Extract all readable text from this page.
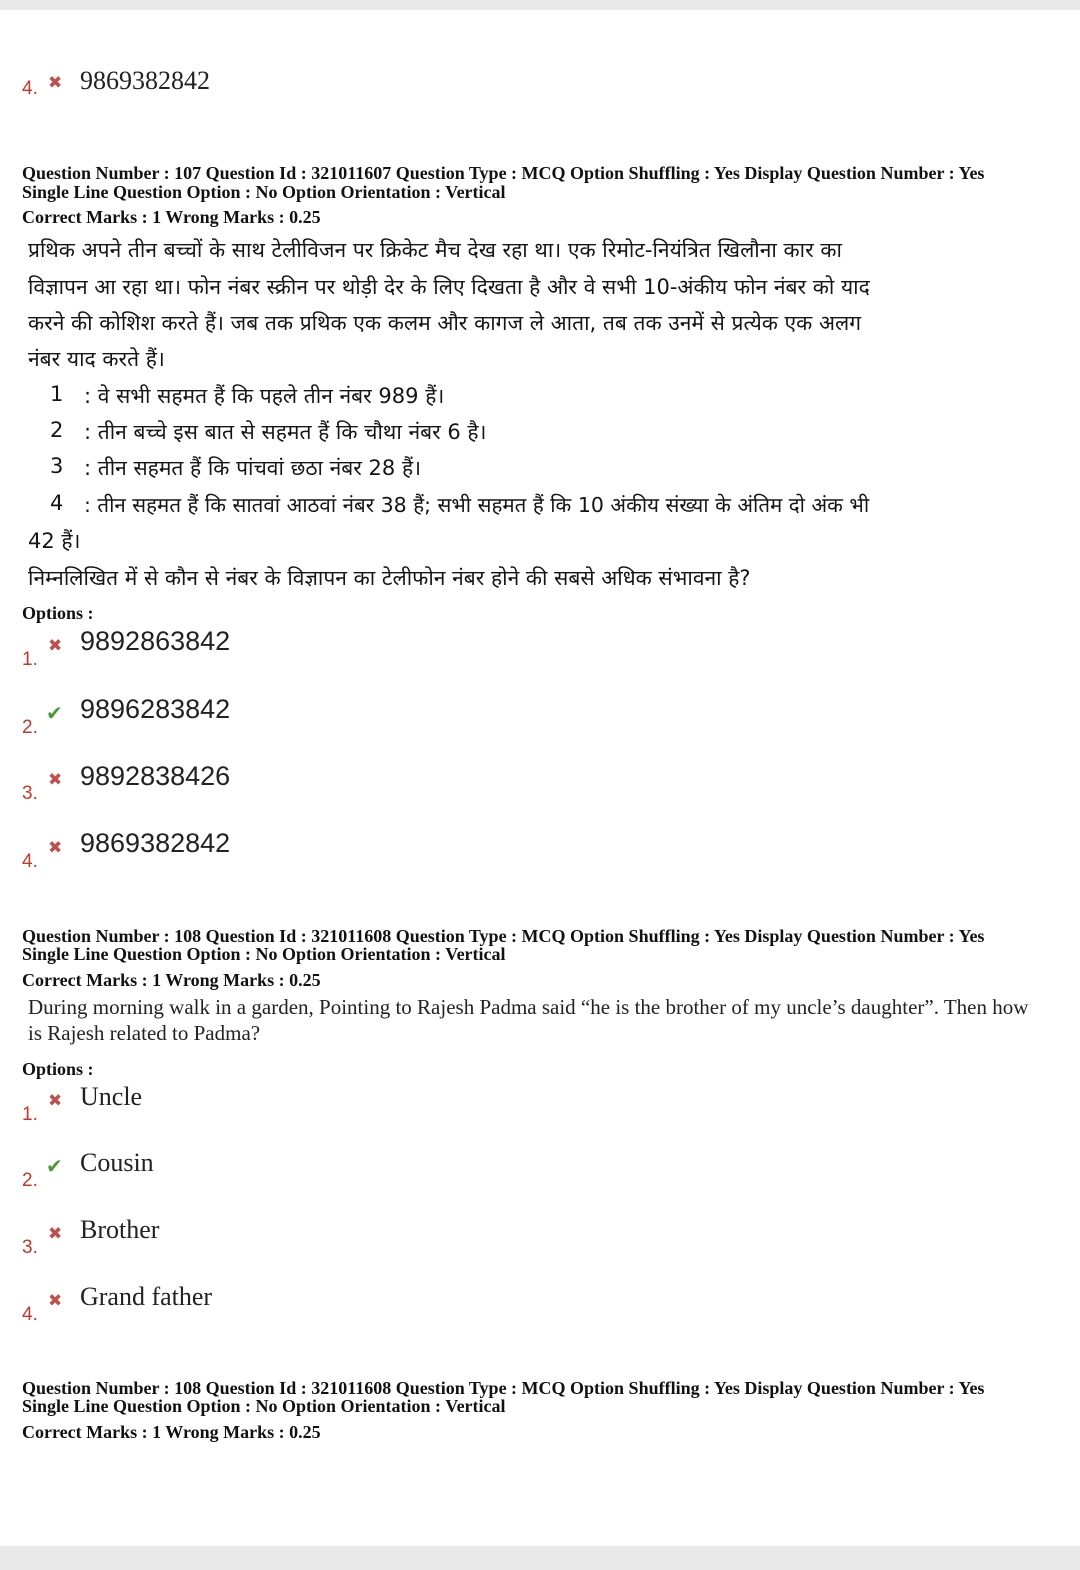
4. ✖ 9869382842
Question Number : 107 Question Id : 321011607 Question Type : MCQ Option Shuffling : Yes Display Question Number : Yes
Single Line Question Option : No Option Orientation : Vertical
Correct Marks : 1 Wrong Marks : 0.25
प्रथिक अपने तीन बच्चों के साथ टेलीविजन पर क्रिकेट मैच देख रहा था। एक रिमोट-नियंत्रित खिलौना कार का
विज्ञापन आ रहा था। फोन नंबर स्क्रीन पर थोड़ी देर के लिए दिखता है और वे सभी 10-अंकीय फोन नंबर को याद
करने की कोशिश करते हैं। जब तक प्रथिक एक कलम और कागज ले आता, तब तक उनमें से प्रत्येक एक अलग
नंबर याद करते हैं।
1 : वे सभी सहमत हैं कि पहले तीन नंबर 989 हैं।
2 : तीन बच्चे इस बात से सहमत हैं कि चौथा नंबर 6 है।
3 : तीन सहमत हैं कि पांचवां छठा नंबर 28 हैं।
4 : तीन सहमत हैं कि सातवां आठवां नंबर 38 हैं; सभी सहमत हैं कि 10 अंकीय संख्या के अंतिम दो अंक भी
42 हैं।
निम्नलिखित में से कौन से नंबर के विज्ञापन का टेलीफोन नंबर होने की सबसे अधिक संभावना है?
Options :
1.
✖ 9892863842
2.
✔ 9896283842
3.
✖ 9892838426
4.
✖ 9869382842
Question Number : 108 Question Id : 321011608 Question Type : MCQ Option Shuffling : Yes Display Question Number : Yes
Single Line Question Option : No Option Orientation : Vertical
Correct Marks : 1 Wrong Marks : 0.25
During morning walk in a garden, Pointing to Rajesh Padma said “he is the brother of my uncle’s daughter”. Then how
is Rajesh related to Padma?
Options :
1.
✖ Uncle
2.
✔ Cousin
3.
✖ Brother
4.
✖ Grand father
Question Number : 108 Question Id : 321011608 Question Type : MCQ Option Shuffling : Yes Display Question Number : Yes
Single Line Question Option : No Option Orientation : Vertical
Correct Marks : 1 Wrong Marks : 0.25
